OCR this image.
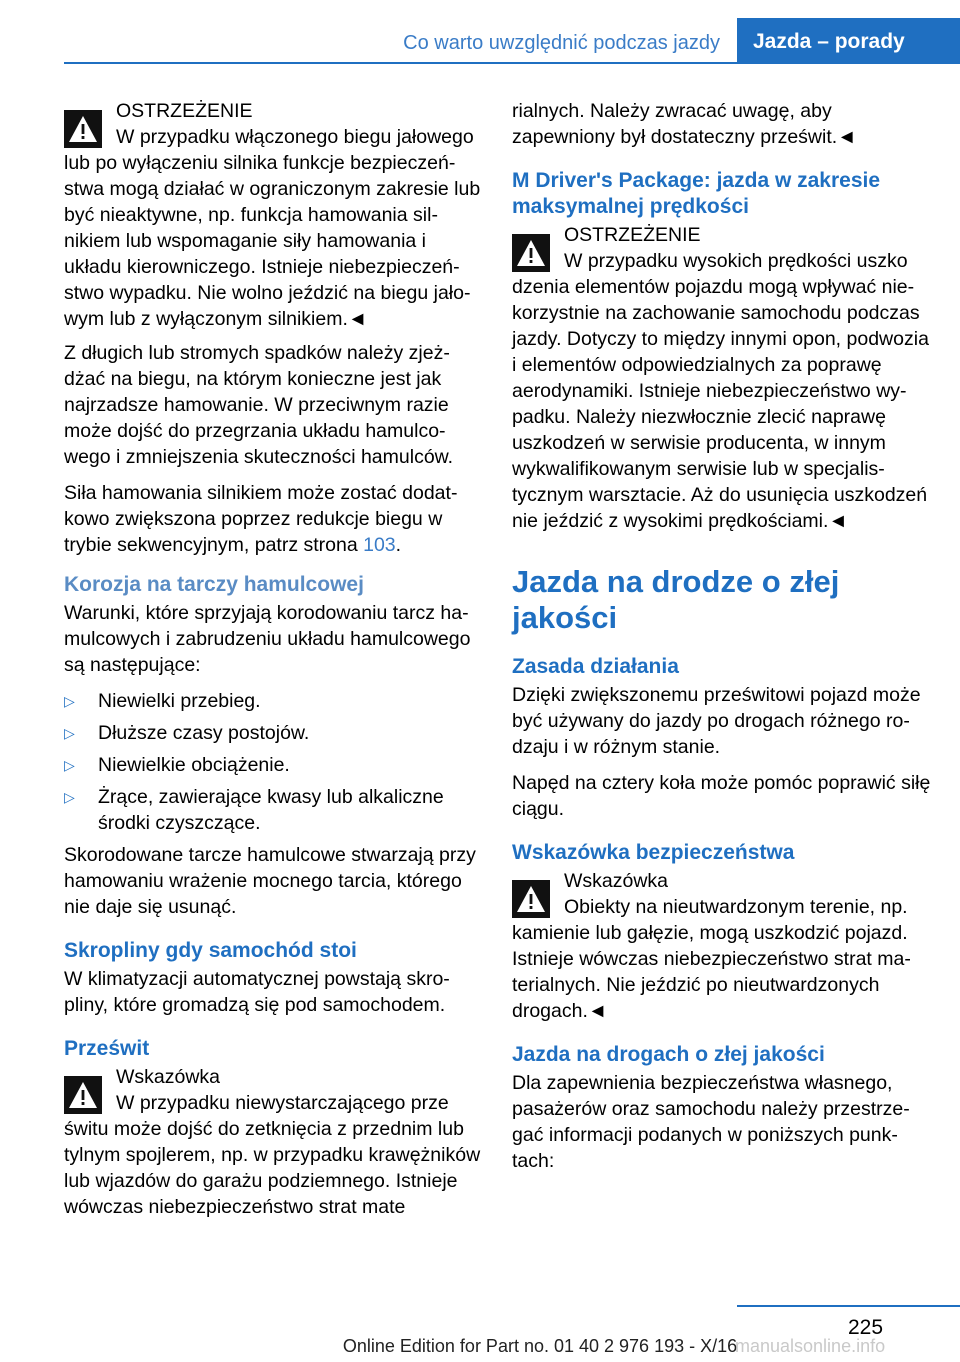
Co warto uwzględnić podczas jazdy	Jazda – porady
OSTRZEŻENIE
W przypadku włączonego biegu jałowego
lub po wyłączeniu silnika funkcje bezpieczeństwa mogą działać w ograniczonym zakresie lub być nieaktywne, np. funkcja hamowania silnikiem lub wspomaganie siły hamowania i układu kierowniczego. Istnieje niebezpieczeństwo wypadku. Nie wolno jeździć na biegu jałowym lub z wyłączonym silnikiem.◄

Z długich lub stromych spadków należy zjeżdżać na biegu, na którym konieczne jest jak najrzadsze hamowanie. W przeciwnym razie może dojść do przegrzania układu hamulcowego i zmniejszenia skuteczności hamulców.

Siła hamowania silnikiem może zostać dodatkowo zwiększona poprzez redukcje biegu w trybie sekwencyjnym, patrz strona 103.

Korozja na tarczy hamulcowej

Warunki, które sprzyjają korodowaniu tarcz hamulcowych i zabrudzeniu układu hamulcowego są następujące:

▷ Niewielki przebieg.
▷ Dłuższe czasy postojów.
▷ Niewielkie obciążenie.
▷ Żrące, zawierające kwasy lub alkaliczne środki czyszczące.

Skorodowane tarcze hamulcowe stwarzają przy hamowaniu wrażenie mocnego tarcia, którego nie daje się usunąć.

Skropliny gdy samochód stoi

W klimatyzacji automatycznej powstają skropliny, które gromadzą się pod samochodem.

Prześwit
Wskazówka
W przypadku niewystarczającego prze
świtu może dojść do zetknięcia z przednim lub tylnym spojlerem, np. w przypadku krawężników lub wjazdów do garażu podziemnego. Istnieje wówczas niebezpieczeństwo strat mate

rialnych. Należy zwracać uwagę, aby zapewniony był dostateczny prześwit.◄

M Driver's Package: jazda w zakresie maksymalnej prędkości
OSTRZEŻENIE
W przypadku wysokich prędkości uszko
dzenia elementów pojazdu mogą wpływać niekorzystnie na zachowanie samochodu podczas jazdy. Dotyczy to między innymi opon, podwozia i elementów odpowiedzialnych za poprawę aerodynamiki. Istnieje niebezpieczeństwo wypadku. Należy niezwłocznie zlecić naprawę uszkodzeń w serwisie producenta, w innym wykwalifikowanym serwisie lub w specjalistycznym warsztacie. Aż do usunięcia uszkodzeń nie jeździć z wysokimi prędkościami.◄
Jazda na drodze o złej jakości
Zasada działania

Dzięki zwiększonemu prześwitowi pojazd może być używany do jazdy po drogach różnego rodzaju i w różnym stanie.

Napęd na cztery koła może pomóc poprawić siłę ciągu.

Wskazówka bezpieczeństwa
Wskazówka
Obiekty na nieutwardzonym terenie, np.
kamienie lub gałęzie, mogą uszkodzić pojazd. Istnieje wówczas niebezpieczeństwo strat materialnych. Nie jeździć po nieutwardzonych drogach.◄
Jazda na drogach o złej jakości

Dla zapewnienia bezpieczeństwa własnego, pasażerów oraz samochodu należy przestrzegać informacji podanych w poniższych punktach:

225
Online Edition for Part no. 01 40 2 976 193 - X/16
manualsonline.info
